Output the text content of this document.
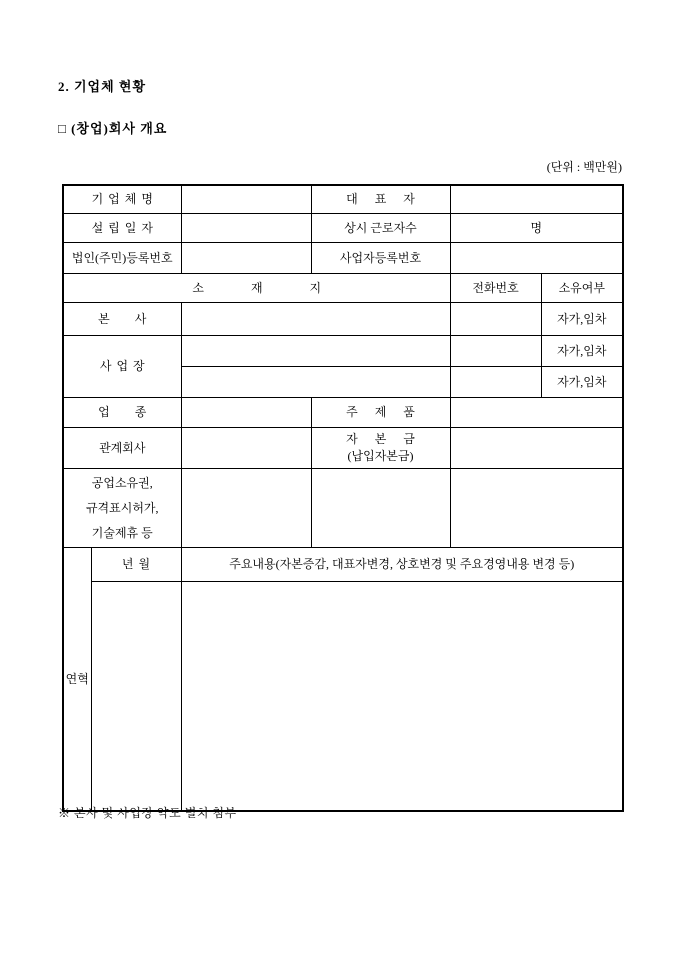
2. 기업체 현황
□ (창업)회사 개요
(단위 : 백만원)
기 업 체 명			대 표 자		
설 립 일 자			상시 근로자수	명	
법인(주민)등록번호			사업자등록번호		
소 재 지				전화번호	소유여부
본 사					자가,임차
사 업 장					자가,임차
					자가,임차
업 종			주 제 품		
관계회사			자 본 금
(납입자본금)		

공업소유권,
규격표시허가,
기술제휴 등					

연혁	년 월	주요내용(자본증감, 대표자변경, 상호변경 및 주요경영내용 변경 등)			

※ 본사 및 사업장 약도 별치 첨부
